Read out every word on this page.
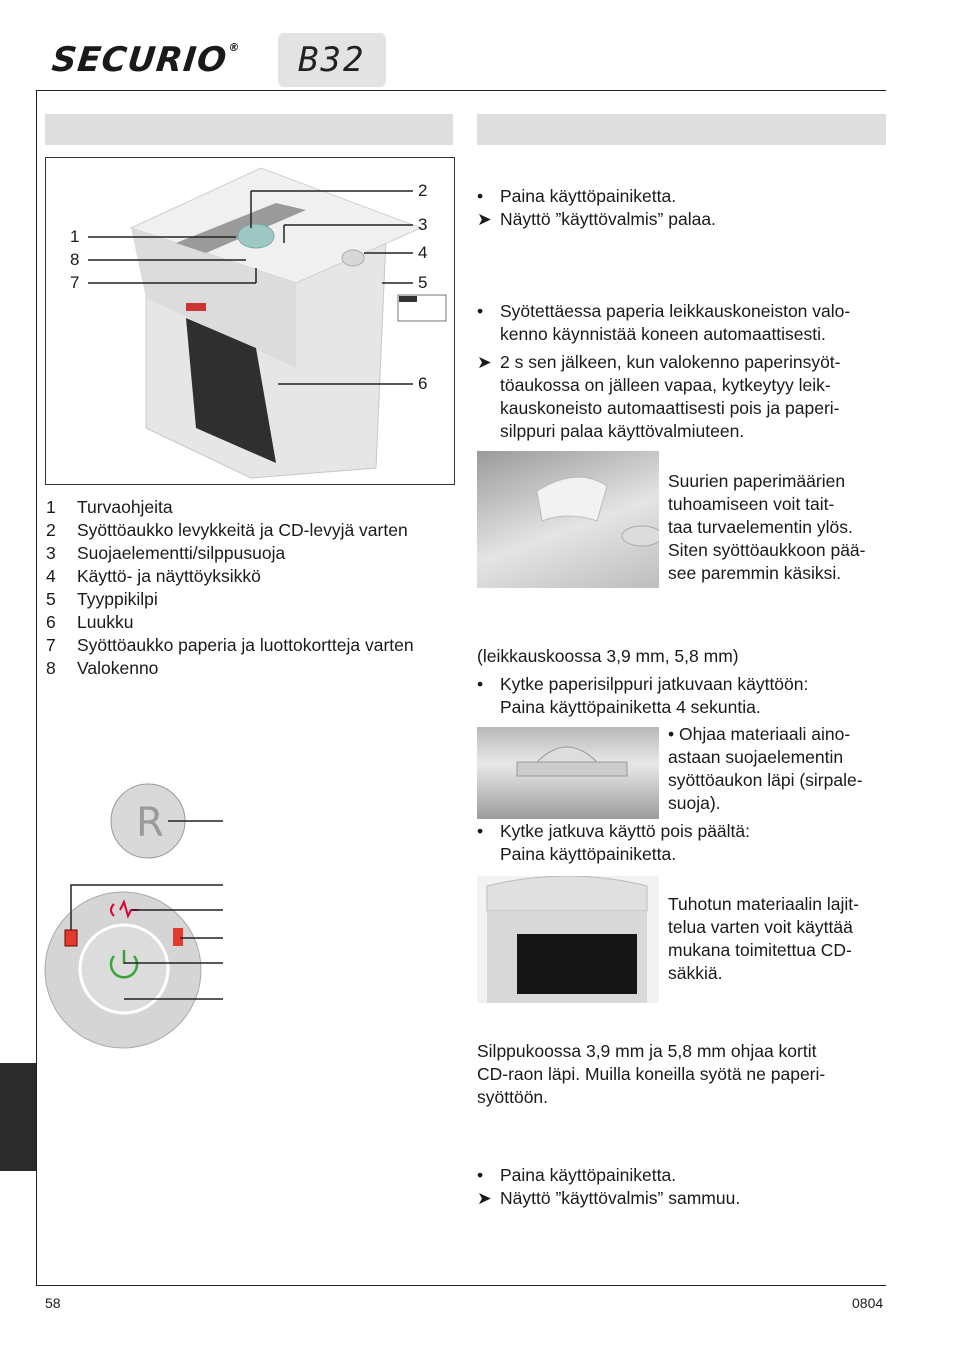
SECURIO® B32
1
8
7
2
3
4
5
6
1 Turvaohjeita
2 Syöttöaukko levykkeitä ja CD-levyjä varten
3 Suojaelementti/silppusuoja
4 Käyttö- ja näyttöyksikkö
5 Tyyppikilpi
6 Luukku
7 Syöttöaukko paperia ja luottokortteja varten
8 Valokenno
R
• Paina käyttöpainiketta.
➤ Näyttö ”käyttövalmis” palaa.
• Syötettäessa paperia leikkauskoneiston valo-
kenno käynnistää koneen automaattisesti.
➤ 2 s sen jälkeen, kun valokenno paperinsyöt-
töaukossa on jälleen vapaa, kytkeytyy leik-
kauskoneisto automaattisesti pois ja paperi-
silppuri palaa käyttövalmiuteen.
Suurien paperimäärien
tuhoamiseen voit tait-
taa turvaelementin ylös.
Siten syöttöaukkoon pää-
see paremmin käsiksi.
(leikkauskoossa 3,9 mm, 5,8 mm)
• Kytke paperisilppuri jatkuvaan käyttöön:
Paina käyttöpainiketta 4 sekuntia.
• Ohjaa materiaali aino-
astaan suojaelementin
syöttöaukon läpi (sirpale-
suoja).
• Kytke jatkuva käyttö pois päältä:
Paina käyttöpainiketta.
Tuhotun materiaalin lajit-
telua varten voit käyttää
mukana toimitettua CD-
säkkiä.
Silppukoossa 3,9 mm ja 5,8 mm ohjaa kortit
CD-raon läpi. Muilla koneilla syötä ne paperi-
syöttöön.
• Paina käyttöpainiketta.
➤ Näyttö ”käyttövalmis” sammuu.
58	0804
